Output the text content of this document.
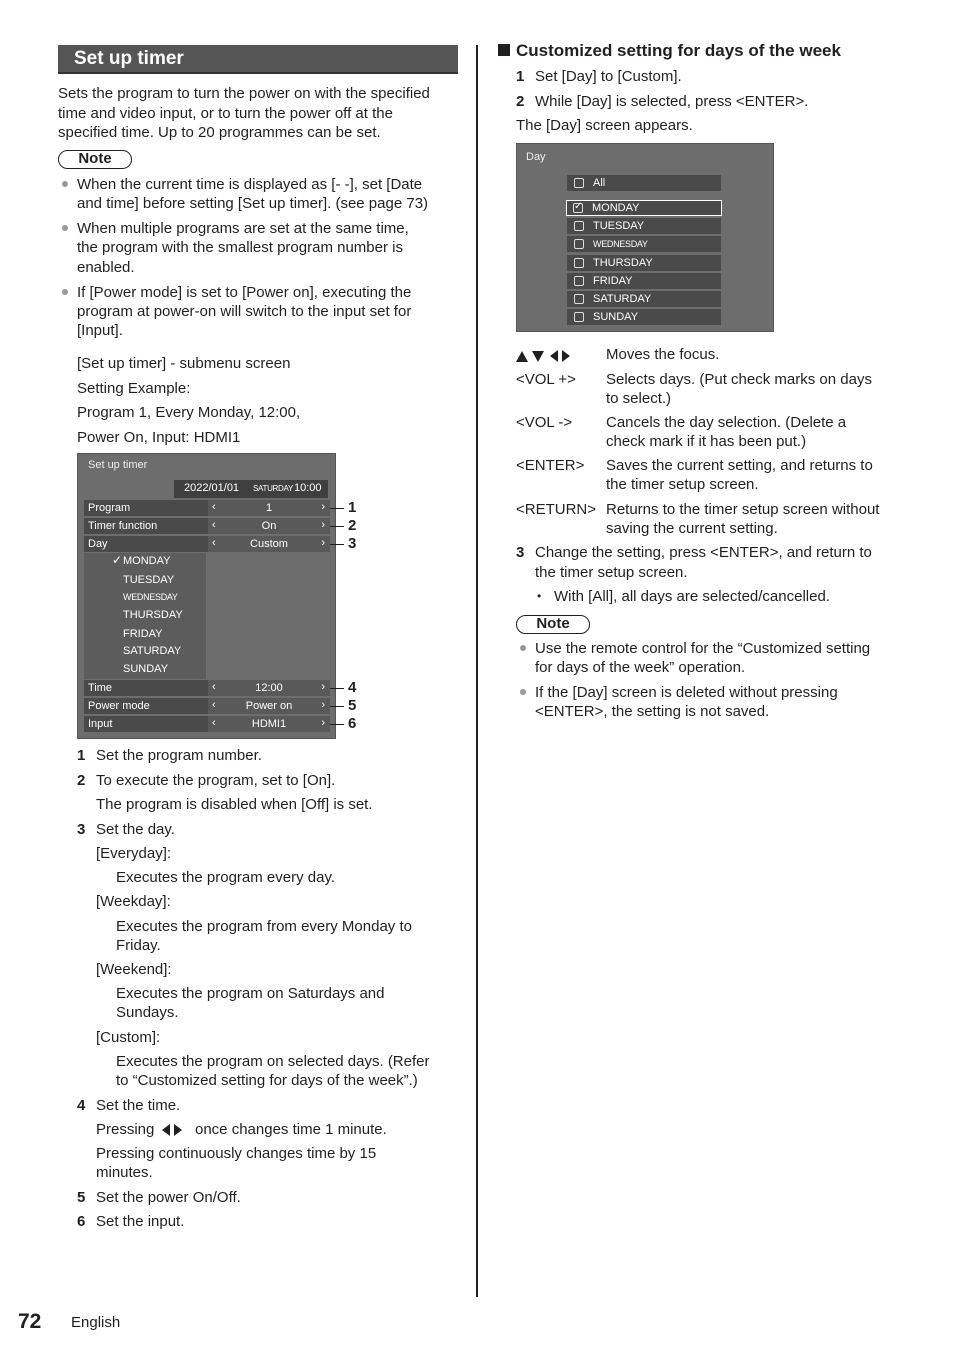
Set up timer
Sets the program to turn the power on with the specified
time and video input, or to turn the power off at the
specified time. Up to 20 programmes can be set.
Note
When the current time is displayed as [- -], set [Date
and time] before setting [Set up timer]. (see page 73)
When multiple programs are set at the same time,
the program with the smallest program number is
enabled.
If [Power mode] is set to [Power on], executing the
program at power-on will switch to the input set for
[Input].
[Set up timer] - submenu screen
Setting Example:
Program 1, Every Monday, 12:00,
Power On, Input: HDMI1
Set up timer
2022/01/01 SATURDAY 10:00
Program	‹	1	›
Timer function	‹	On	›
Day	‹	Custom	›
MONDAY
✓
TUESDAY
WEDNESDAY
THURSDAY
FRIDAY
SATURDAY
SUNDAY
Time	‹	12:00	›
Power mode	‹	Power on	›
Input	‹	HDMI1	›
1
2
3
4
5
6
1 Set the program number.
2 To execute the program, set to [On].
The program is disabled when [Off] is set.
3 Set the day.
[Everyday]:
Executes the program every day.
[Weekday]:
Executes the program from every Monday to
Friday.
[Weekend]:
Executes the program on Saturdays and
Sundays.
[Custom]:
Executes the program on selected days. (Refer
to “Customized setting for days of the week”.)
4 Set the time.
Pressing	once changes time 1 minute.
Pressing continuously changes time by 15
minutes.
5 Set the power On/Off.
6 Set the input.
Customized setting for days of the week
1 Set [Day] to [Custom].
2 While [Day] is selected, press <ENTER>.
The [Day] screen appears.
Day
All
✓ MONDAY
TUESDAY
WEDNESDAY
THURSDAY
FRIDAY
SATURDAY
SUNDAY
Moves the focus.
<VOL +> Selects days. (Put check marks on days
to select.)
<VOL -> Cancels the day selection. (Delete a
check mark if it has been put.)
<ENTER> Saves the current setting, and returns to
the timer setup screen.
<RETURN> Returns to the timer setup screen without
saving the current setting.
3 Change the setting, press <ENTER>, and return to
the timer setup screen.
• With [All], all days are selected/cancelled.
Note
Use the remote control for the “Customized setting
for days of the week” operation.
If the [Day] screen is deleted without pressing
<ENTER>, the setting is not saved.
72 English
